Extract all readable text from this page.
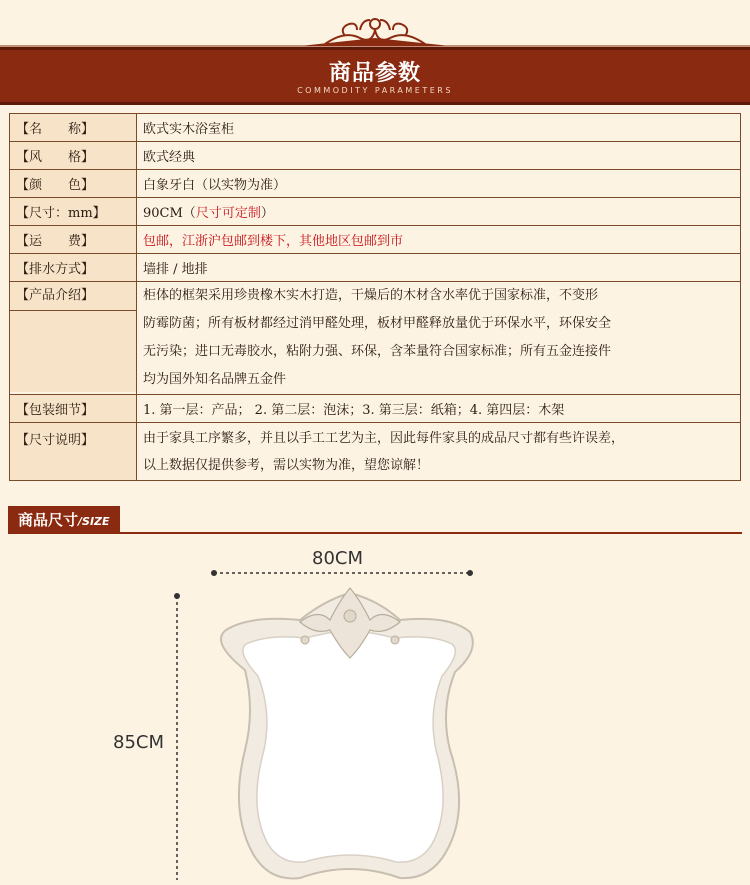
商品参数
COMMODITY PARAMETERS
【名　　称】	欧式实木浴室柜
【风　　格】	欧式经典
【颜　　色】	白象牙白（以实物为准）
【尺寸：mm】	90CM（尺寸可定制）
【运　　费】	包邮，江浙沪包邮到楼下，其他地区包邮到市
【排水方式】	墙排 / 地排

【产品介绍】	柜体的框架采用珍贵橡木实木打造，干燥后的木材含水率优于国家标准，不变形
防霉防菌；所有板材都经过消甲醛处理，板材甲醛释放量优于环保水平，环保安全
无污染；进口无毒胶水，粘附力强、环保，含苯量符合国家标准；所有五金连接件
均为国外知名品牌五金件

【包装细节】	1. 第一层：产品； 2. 第二层：泡沫；3. 第三层：纸箱；4. 第四层：木架
【尺寸说明】	由于家具工序繁多，并且以手工工艺为主，因此每件家具的成品尺寸都有些许误差，
以上数据仅提供参考，需以实物为准，望您谅解！
商品尺寸/SIZE
80CM
85CM
